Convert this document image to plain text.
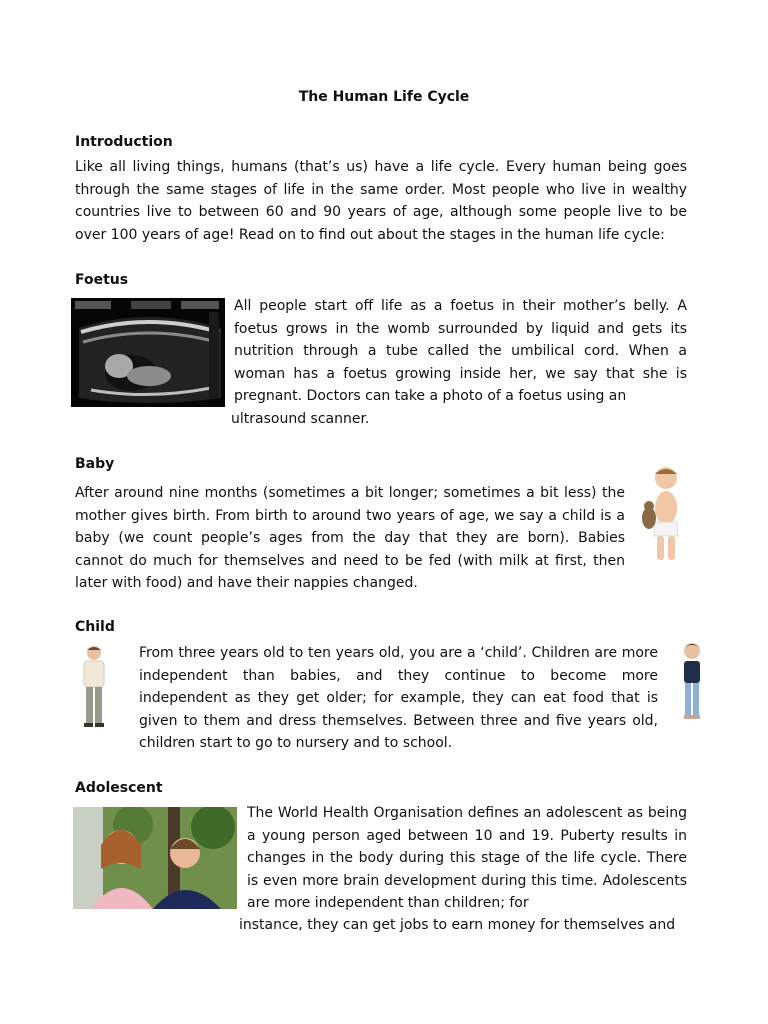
The Human Life Cycle
Introduction

Like all living things, humans (that’s us) have a life cycle. Every human being goes through the same stages of life in the same order. Most people who live in wealthy countries live to between 60 and 90 years of age, although some people live to be over 100 years of age! Read on to find out about the stages in the human life cycle:

Foetus

All people start off life as a foetus in their mother’s belly. A foetus grows in the womb surrounded by liquid and gets its nutrition through a tube called the umbilical cord. When a woman has a foetus growing inside her, we say that she is pregnant. Doctors can take a photo of a foetus using an

ultrasound scanner.

Baby

After around nine months (sometimes a bit longer; sometimes a bit less) the mother gives birth. From birth to around two years of age, we say a child is a baby (we count people’s ages from the day that they are born). Babies cannot do much for themselves and need to be fed (with milk at first, then later with food) and have their nappies changed.

Child

From three years old to ten years old, you are a ‘child’. Children are more independent than babies, and they continue to become more independent as they get older; for example, they can eat food that is given to them and dress themselves. Between three and five years old, children start to go to nursery and to school.

Adolescent

The World Health Organisation defines an adolescent as being a young person aged between 10 and 19. Puberty results in changes in the body during this stage of the life cycle. There is even more brain development during this time. Adolescents are more independent than children; for

instance, they can get jobs to earn money for themselves and
